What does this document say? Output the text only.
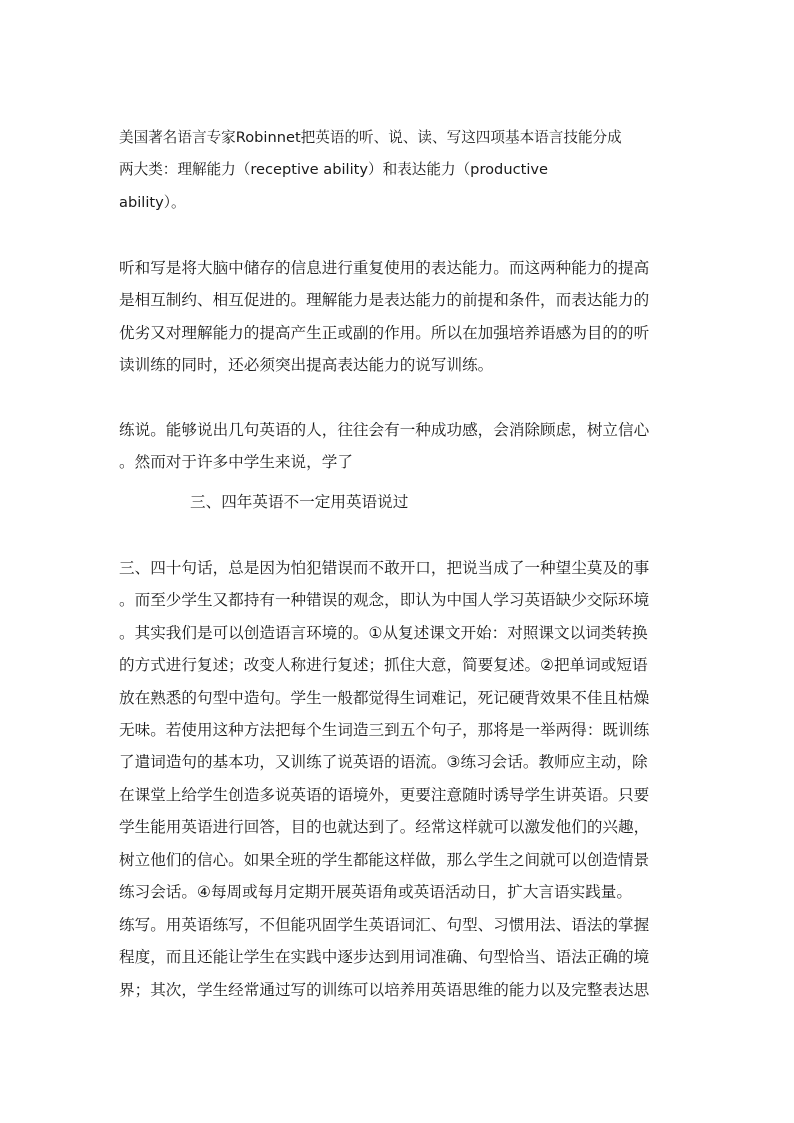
美国著名语言专家Robinnet把英语的听、说、读、写这四项基本语言技能分成
两大类：理解能力（receptive ability）和表达能力（productive
ability）。
听和写是将大脑中储存的信息进行重复使用的表达能力。而这两种能力的提高
是相互制约、相互促进的。理解能力是表达能力的前提和条件，而表达能力的
优劣又对理解能力的提高产生正或副的作用。所以在加强培养语感为目的的听
读训练的同时，还必须突出提高表达能力的说写训练。
练说。能够说出几句英语的人，往往会有一种成功感，会消除顾虑，树立信心
。然而对于许多中学生来说，学了
三、四年英语不一定用英语说过
三、四十句话，总是因为怕犯错误而不敢开口，把说当成了一种望尘莫及的事
。而至少学生又都持有一种错误的观念，即认为中国人学习英语缺少交际环境
。其实我们是可以创造语言环境的。①从复述课文开始：对照课文以词类转换
的方式进行复述；改变人称进行复述；抓住大意，简要复述。②把单词或短语
放在熟悉的句型中造句。学生一般都觉得生词难记，死记硬背效果不佳且枯燥
无味。若使用这种方法把每个生词造三到五个句子，那将是一举两得：既训练
了遣词造句的基本功，又训练了说英语的语流。③练习会话。教师应主动，除
在课堂上给学生创造多说英语的语境外，更要注意随时诱导学生讲英语。只要
学生能用英语进行回答，目的也就达到了。经常这样就可以激发他们的兴趣，
树立他们的信心。如果全班的学生都能这样做，那么学生之间就可以创造情景
练习会话。④每周或每月定期开展英语角或英语活动日，扩大言语实践量。
练写。用英语练写，不但能巩固学生英语词汇、句型、习惯用法、语法的掌握
程度，而且还能让学生在实践中逐步达到用词准确、句型恰当、语法正确的境
界；其次，学生经常通过写的训练可以培养用英语思维的能力以及完整表达思
